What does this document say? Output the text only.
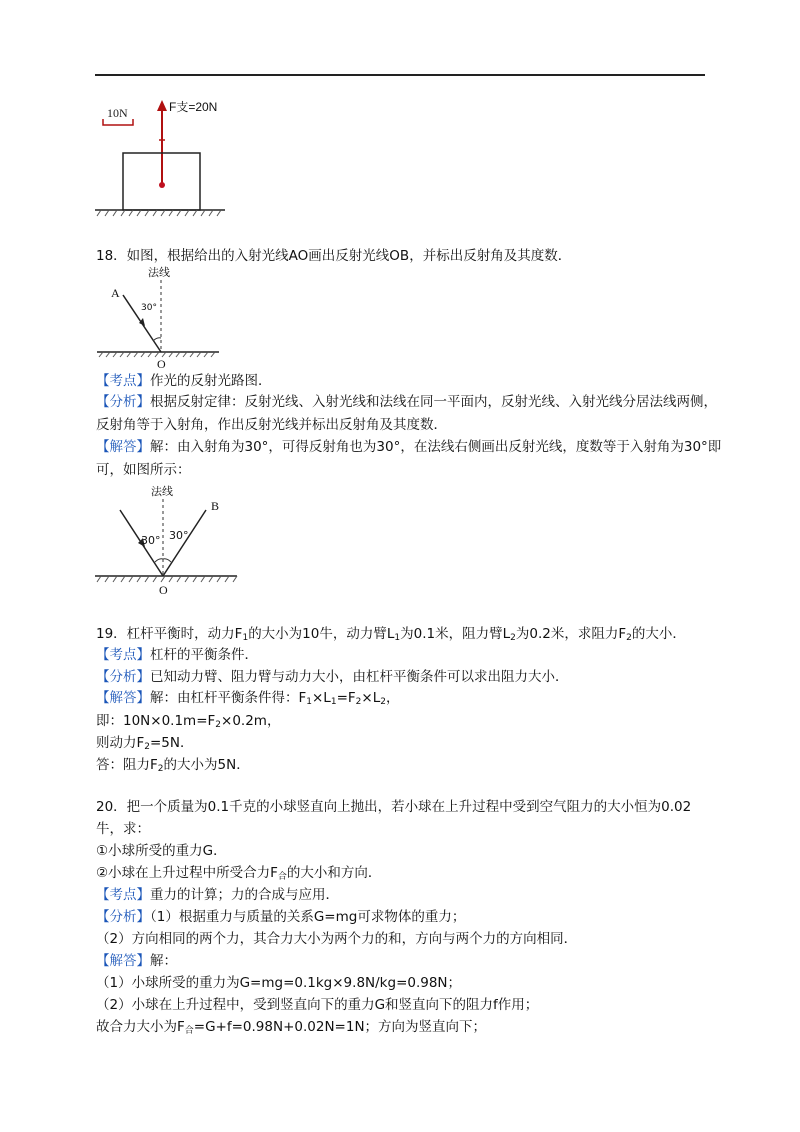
10N	F支=20N
18．如图，根据给出的入射光线AO画出反射光线OB，并标出反射角及其度数．
法线
A
30°
O
【考点】作光的反射光路图．
【分析】根据反射定律：反射光线、入射光线和法线在同一平面内，反射光线、入射光线分居法线两侧，
反射角等于入射角，作出反射光线并标出反射角及其度数．
【解答】解：由入射角为30°，可得反射角也为30°，在法线右侧画出反射光线，度数等于入射角为30°即
可，如图所示：
法线
B
30° 30°
O
19．杠杆平衡时，动力$F_1$的大小为10牛，动力臂$L_1$为0.1米，阻力臂$L_2$为0.2米，求阻力$F_2$的大小．
【考点】杠杆的平衡条件．
【分析】已知动力臂、阻力臂与动力大小，由杠杆平衡条件可以求出阻力大小．
【解答】解：由杠杆平衡条件得：$F_1\times L_1=F_2\times L_2$，
即：$10N\times 0.1m=F_2\times 0.2m$，
则动力$F_2=5N$．
答：阻力$F_2$的大小为5N．
20．把一个质量为0.1千克的小球竖直向上抛出，若小球在上升过程中受到空气阻力的大小恒为0.02
牛，求：
①小球所受的重力G．
②小球在上升过程中所受合力$F_合$的大小和方向．
【考点】重力的计算；力的合成与应用．
【分析】（1）根据重力与质量的关系G=mg可求物体的重力；
（2）方向相同的两个力，其合力大小为两个力的和，方向与两个力的方向相同．
【解答】解：
（1）小球所受的重力为G=mg=0.1kg×9.8N/kg=0.98N；
（2）小球在上升过程中，受到竖直向下的重力G和竖直向下的阻力f作用；
故合力大小为$F_合=G+f=0.98N+0.02N=1N$；方向为竖直向下；
